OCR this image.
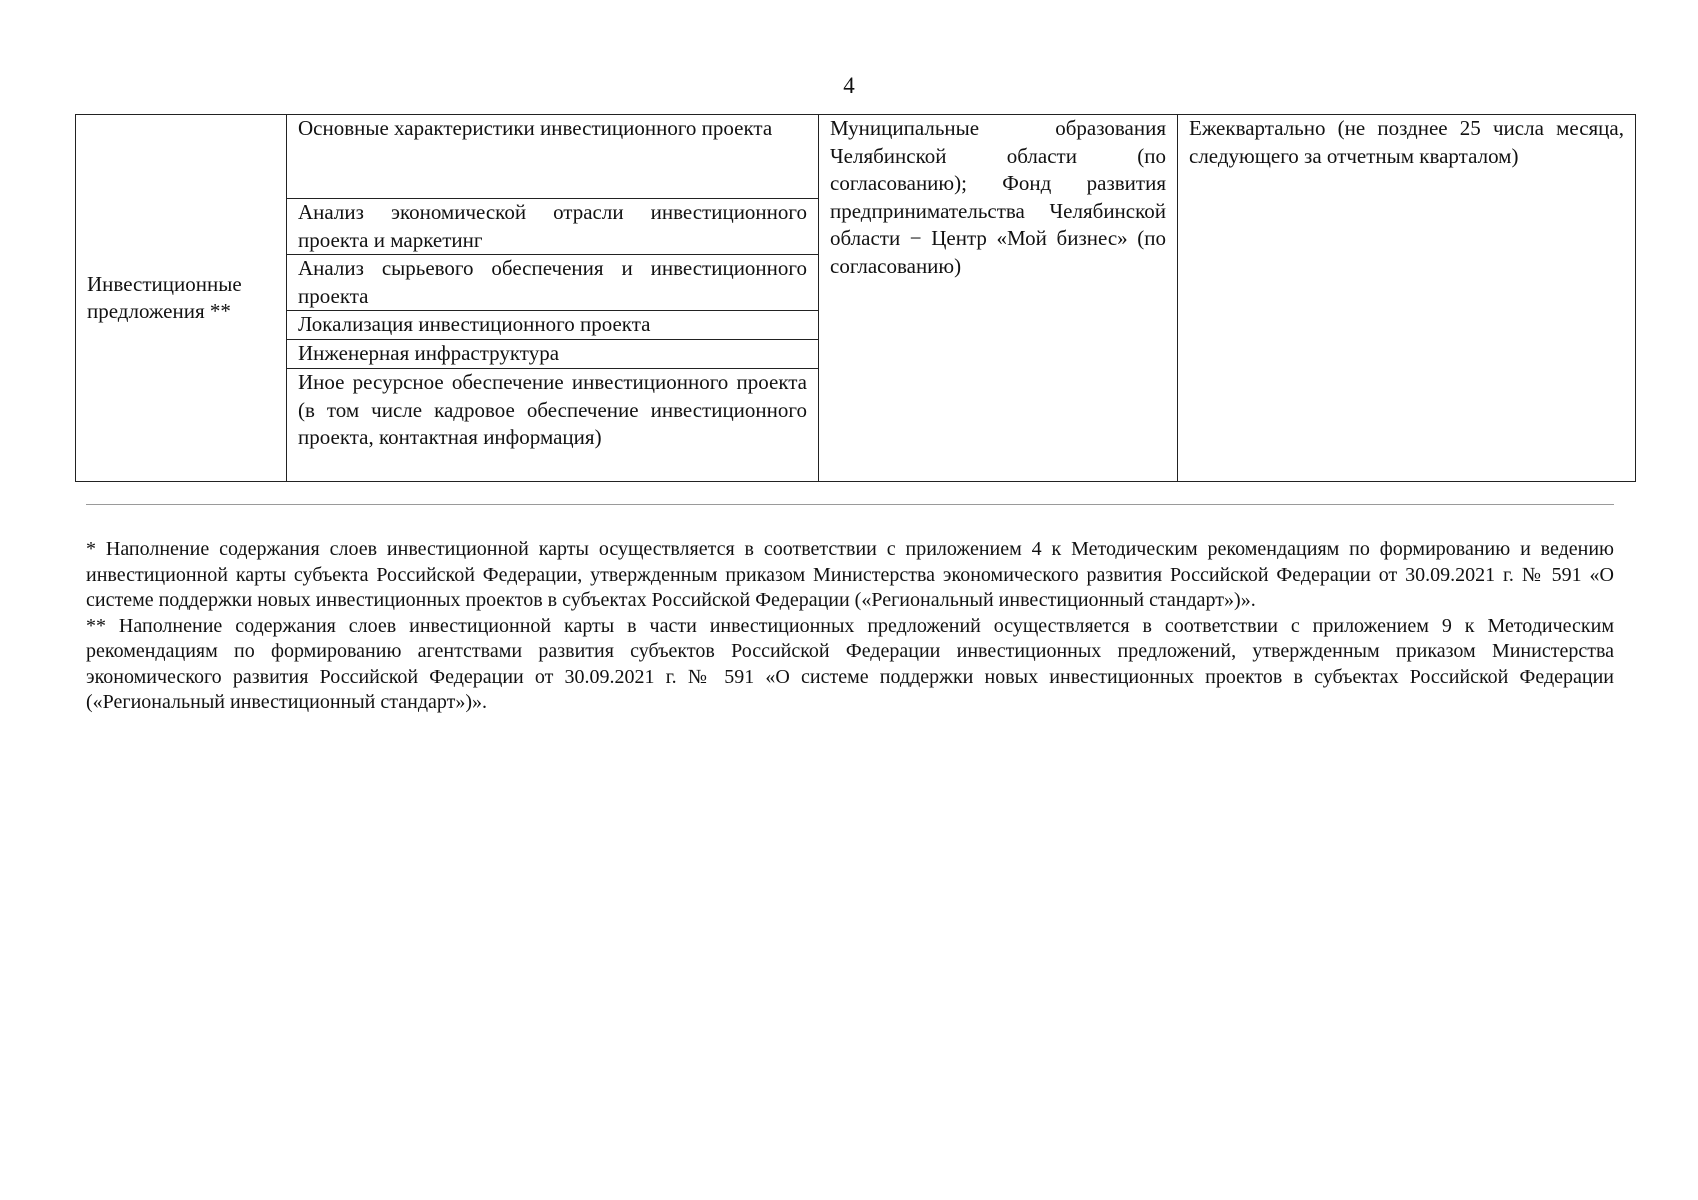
4
Инвестиционные предложения **	Основные характеристики инвестиционного проекта	Муниципальные образования Челябинской области (по согласованию); Фонд развития предпринимательства Челябинской области − Центр «Мой бизнес» (по согласованию)	Ежеквартально (не позднее 25 числа месяца, следующего за отчетным кварталом)
Анализ экономической отрасли инвестиционного проекта и маркетинг
Анализ сырьевого обеспечения и инвестиционного проекта
Локализация инвестиционного проекта
Инженерная инфраструктура
Иное ресурсное обеспечение инвестиционного проекта (в том числе кадровое обеспечение инвестиционного проекта, контактная информация)

* Наполнение содержания слоев инвестиционной карты осуществляется в соответствии с приложением 4 к Методическим рекомендациям по формированию и ведению инвестиционной карты субъекта Российской Федерации, утвержденным приказом Министерства экономического развития Российской Федерации от 30.09.2021 г. № 591 «О системе поддержки новых инвестиционных проектов в субъектах Российской Федерации («Региональный инвестиционный стандарт»)».

** Наполнение содержания слоев инвестиционной карты в части инвестиционных предложений осуществляется в соответствии с приложением 9 к Методическим рекомендациям по формированию агентствами развития субъектов Российской Федерации инвестиционных предложений, утвержденным приказом Министерства экономического развития Российской Федерации от 30.09.2021 г. № 591 «О системе поддержки новых инвестиционных проектов в субъектах Российской Федерации («Региональный инвестиционный стандарт»)».
